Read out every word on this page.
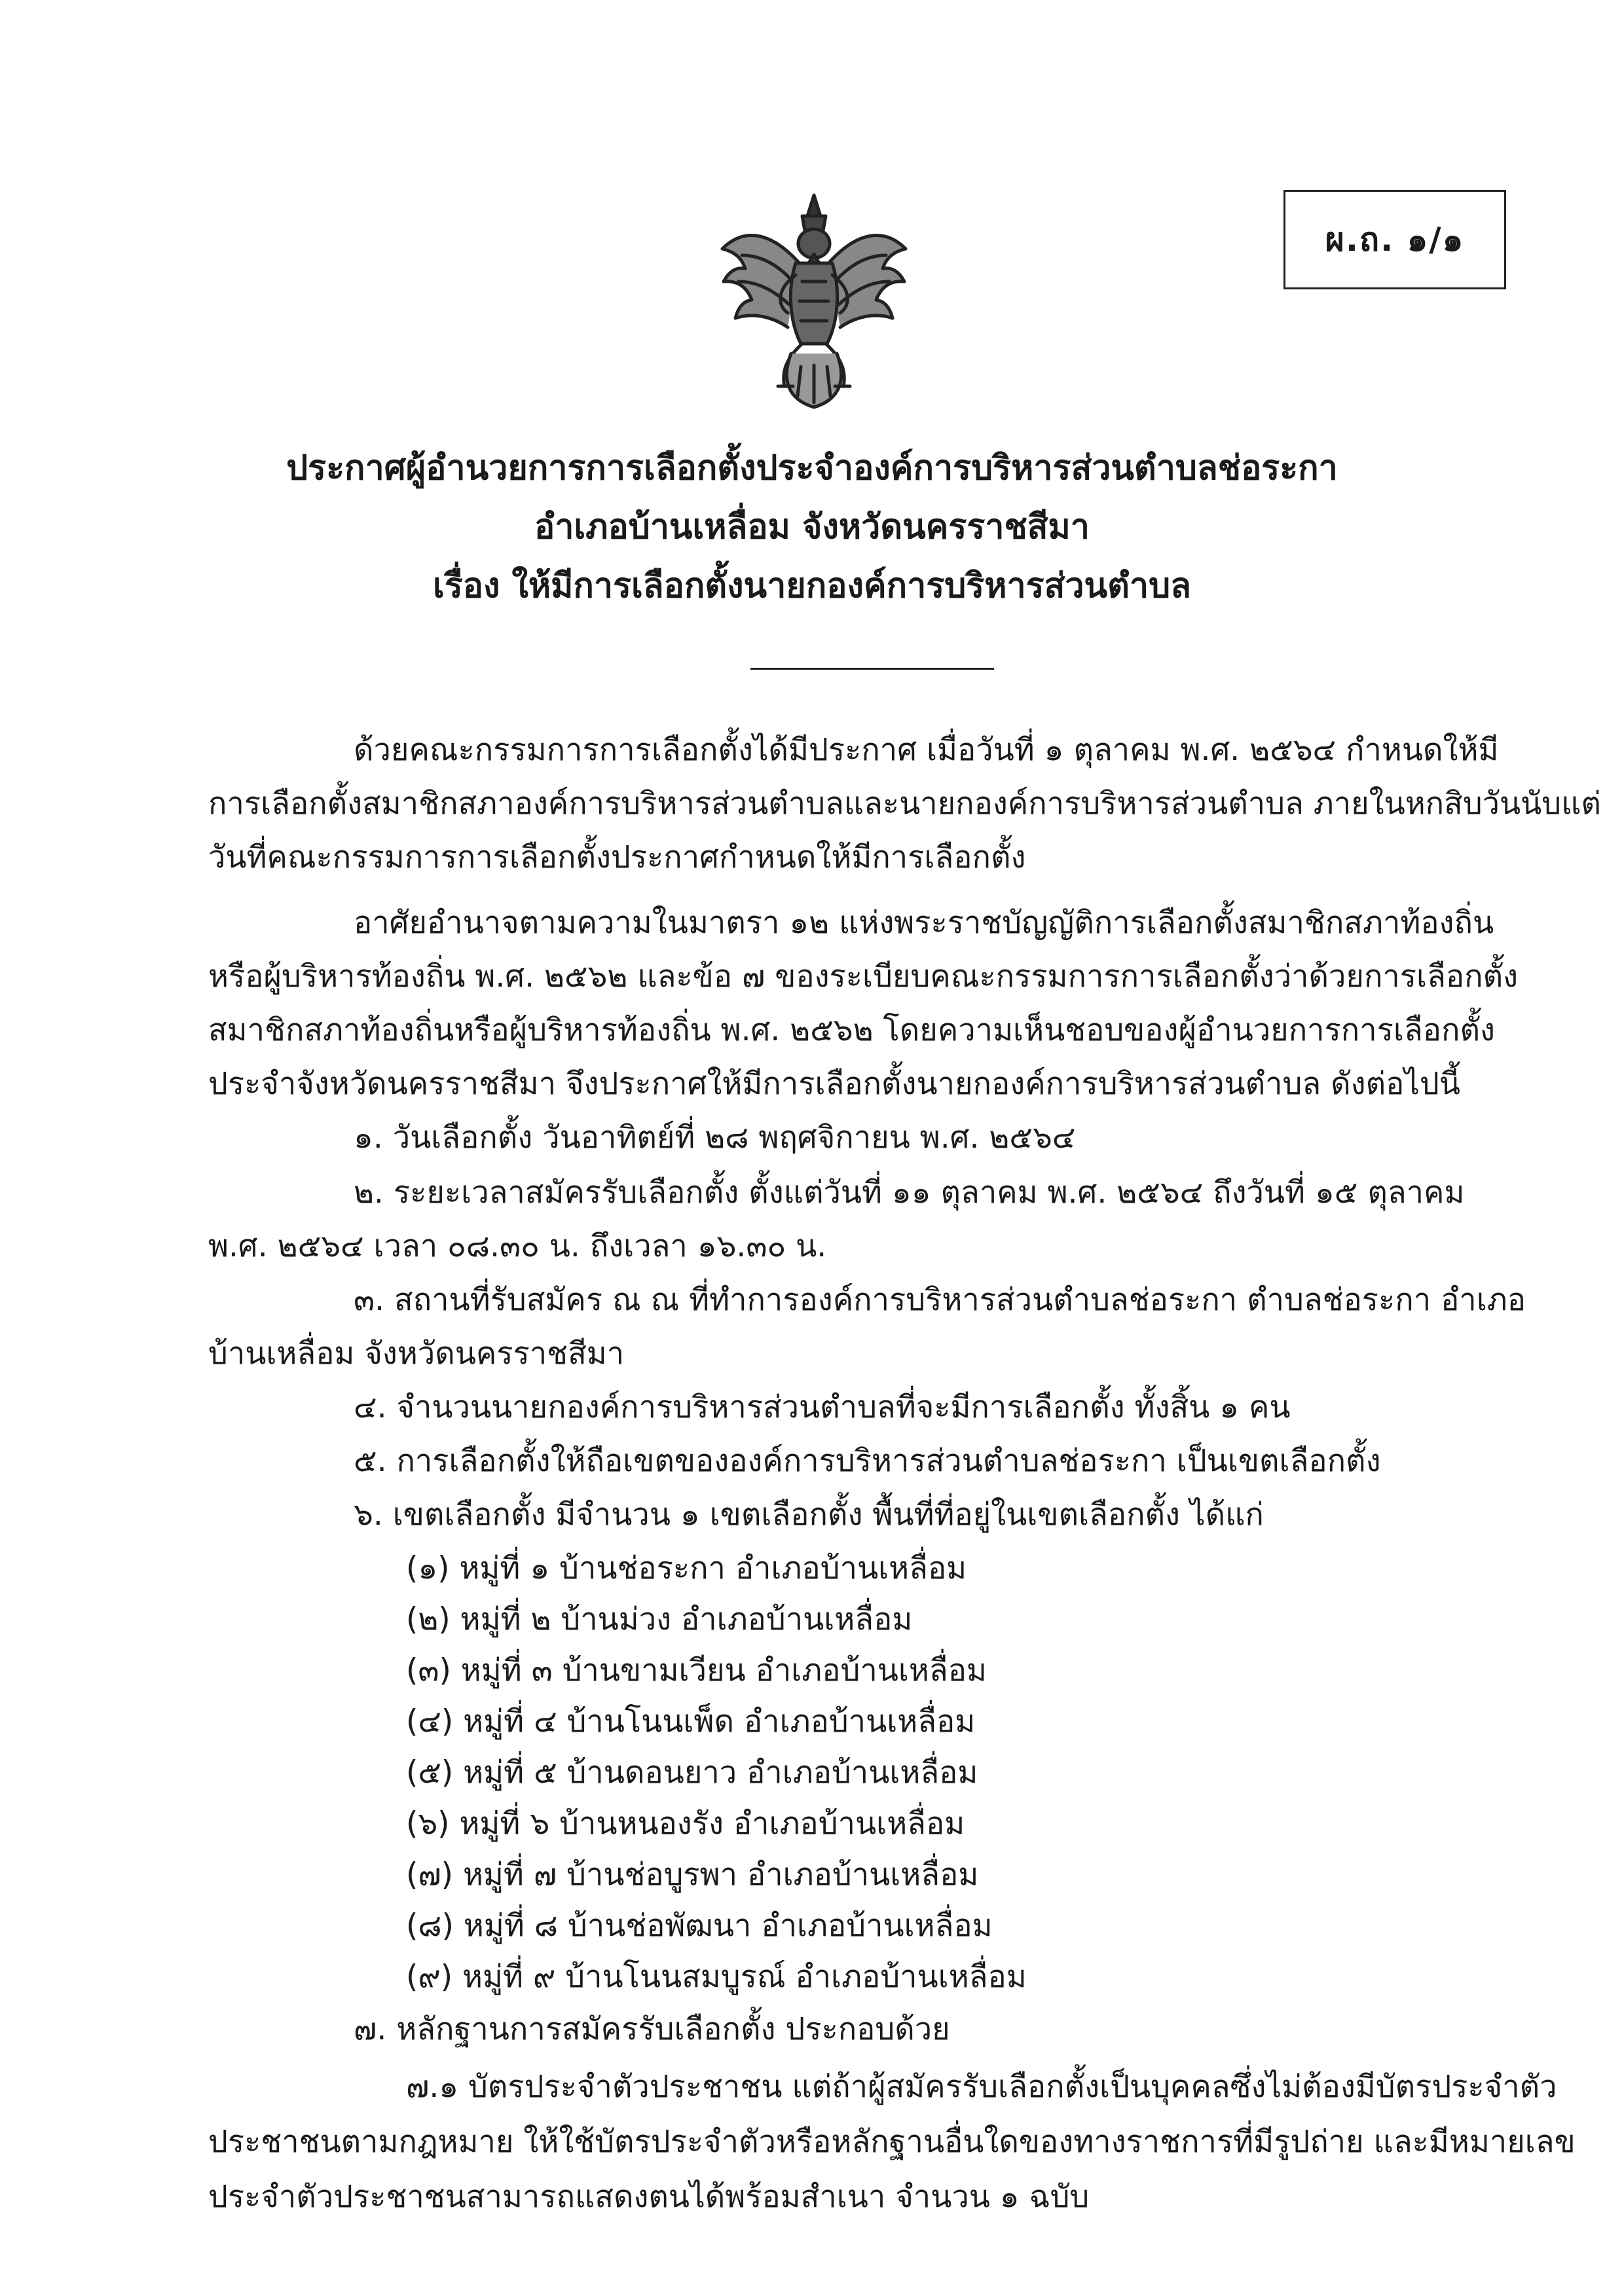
ผ.ถ. ๑/๑
ประกาศผู้อำนวยการการเลือกตั้งประจำองค์การบริหารส่วนตำบลช่อระกา
อำเภอบ้านเหลื่อม จังหวัดนครราชสีมา
เรื่อง ให้มีการเลือกตั้งนายกองค์การบริหารส่วนตำบล
ด้วยคณะกรรมการการเลือกตั้งได้มีประกาศ เมื่อวันที่ ๑ ตุลาคม พ.ศ. ๒๕๖๔ กำหนดให้มี
การเลือกตั้งสมาชิกสภาองค์การบริหารส่วนตำบลและนายกองค์การบริหารส่วนตำบล ภายในหกสิบวันนับแต่
วันที่คณะกรรมการการเลือกตั้งประกาศกำหนดให้มีการเลือกตั้ง
อาศัยอำนาจตามความในมาตรา ๑๒ แห่งพระราชบัญญัติการเลือกตั้งสมาชิกสภาท้องถิ่น
หรือผู้บริหารท้องถิ่น พ.ศ. ๒๕๖๒ และข้อ ๗ ของระเบียบคณะกรรมการการเลือกตั้งว่าด้วยการเลือกตั้ง
สมาชิกสภาท้องถิ่นหรือผู้บริหารท้องถิ่น พ.ศ. ๒๕๖๒ โดยความเห็นชอบของผู้อำนวยการการเลือกตั้ง
ประจำจังหวัดนครราชสีมา จึงประกาศให้มีการเลือกตั้งนายกองค์การบริหารส่วนตำบล ดังต่อไปนี้
๑. วันเลือกตั้ง วันอาทิตย์ที่ ๒๘ พฤศจิกายน พ.ศ. ๒๕๖๔
๒. ระยะเวลาสมัครรับเลือกตั้ง ตั้งแต่วันที่ ๑๑ ตุลาคม พ.ศ. ๒๕๖๔ ถึงวันที่ ๑๕ ตุลาคม
พ.ศ. ๒๕๖๔ เวลา ๐๘.๓๐ น. ถึงเวลา ๑๖.๓๐ น.
๓. สถานที่รับสมัคร ณ ณ ที่ทำการองค์การบริหารส่วนตำบลช่อระกา ตำบลช่อระกา อำเภอ
บ้านเหลื่อม จังหวัดนครราชสีมา
๔. จำนวนนายกองค์การบริหารส่วนตำบลที่จะมีการเลือกตั้ง ทั้งสิ้น ๑ คน
๕. การเลือกตั้งให้ถือเขตขององค์การบริหารส่วนตำบลช่อระกา เป็นเขตเลือกตั้ง
๖. เขตเลือกตั้ง มีจำนวน ๑ เขตเลือกตั้ง พื้นที่ที่อยู่ในเขตเลือกตั้ง ได้แก่
(๑) หมู่ที่ ๑ บ้านช่อระกา อำเภอบ้านเหลื่อม
(๒) หมู่ที่ ๒ บ้านม่วง อำเภอบ้านเหลื่อม
(๓) หมู่ที่ ๓ บ้านขามเวียน อำเภอบ้านเหลื่อม
(๔) หมู่ที่ ๔ บ้านโนนเพ็ด อำเภอบ้านเหลื่อม
(๕) หมู่ที่ ๕ บ้านดอนยาว อำเภอบ้านเหลื่อม
(๖) หมู่ที่ ๖ บ้านหนองรัง อำเภอบ้านเหลื่อม
(๗) หมู่ที่ ๗ บ้านช่อบูรพา อำเภอบ้านเหลื่อม
(๘) หมู่ที่ ๘ บ้านช่อพัฒนา อำเภอบ้านเหลื่อม
(๙) หมู่ที่ ๙ บ้านโนนสมบูรณ์ อำเภอบ้านเหลื่อม
๗. หลักฐานการสมัครรับเลือกตั้ง ประกอบด้วย
๗.๑ บัตรประจำตัวประชาชน แต่ถ้าผู้สมัครรับเลือกตั้งเป็นบุคคลซึ่งไม่ต้องมีบัตรประจำตัว
ประชาชนตามกฎหมาย ให้ใช้บัตรประจำตัวหรือหลักฐานอื่นใดของทางราชการที่มีรูปถ่าย และมีหมายเลข
ประจำตัวประชาชนสามารถแสดงตนได้พร้อมสำเนา จำนวน ๑ ฉบับ
